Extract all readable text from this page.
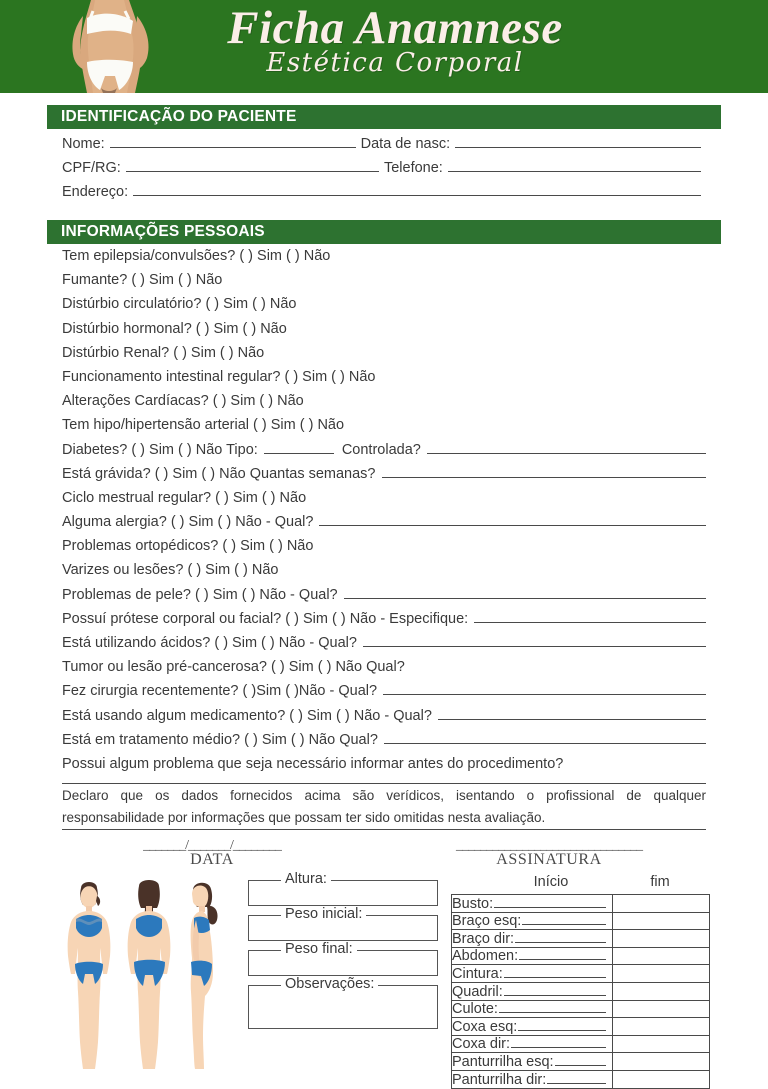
Ficha Anamnese
Estética Corporal
IDENTIFICAÇÃO DO PACIENTE
Nome:	Data de nasc:
CPF/RG:	Telefone:
Endereço:
INFORMAÇÕES PESSOAIS
Tem epilepsia/convulsões? ( ) Sim ( ) Não
Fumante? ( ) Sim ( ) Não
Distúrbio circulatório? ( ) Sim ( ) Não
Distúrbio hormonal? ( ) Sim ( ) Não
Distúrbio Renal? ( ) Sim ( ) Não
Funcionamento intestinal regular? ( ) Sim ( ) Não
Alterações Cardíacas? ( ) Sim ( ) Não
Tem hipo/hipertensão arterial ( ) Sim ( ) Não
Diabetes? ( ) Sim ( ) Não Tipo:	Controlada?
Está grávida? ( ) Sim ( ) Não Quantas semanas?
Ciclo mestrual regular? ( ) Sim ( ) Não
Alguma alergia? ( ) Sim ( ) Não - Qual?
Problemas ortopédicos? ( ) Sim ( ) Não
Varizes ou lesões? ( ) Sim ( ) Não
Problemas de pele? ( ) Sim ( ) Não - Qual?
Possuí prótese corporal ou facial? ( ) Sim ( ) Não - Especifique:
Está utilizando ácidos? ( ) Sim ( ) Não - Qual?
Tumor ou lesão pré-cancerosa? ( ) Sim ( ) Não Qual?
Fez cirurgia recentemente? ( )Sim ( )Não - Qual?
Está usando algum medicamento? ( ) Sim ( ) Não - Qual?
Está em tratamento médio? ( ) Sim ( ) Não Qual?
Possui algum problema que seja necessário informar antes do procedimento?
Declaro que os dados fornecidos acima são verídicos, isentando o profissional de qualquer
responsabilidade por informações que possam ter sido omitidas nesta avaliação.
_______/_______/________
DATA
_______________________________
ASSINATURA
Altura:
Peso inicial:
Peso final:
Observações:
Início	fim
Busto:	

Braço esq:	

Braço dir:	

Abdomen:	

Cintura:	

Quadril:	

Culote:	

Coxa esq:	

Coxa dir:	

Panturrilha esq:	

Panturrilha dir:	
